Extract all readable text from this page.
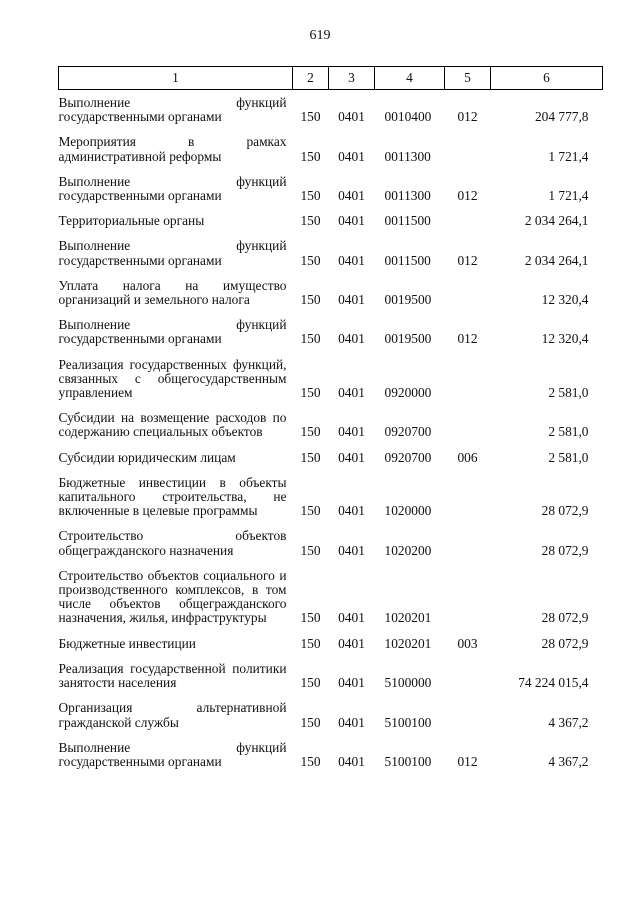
619
1	2	3	4	5	6
Выполнение функций государственными органами	150	0401	0010400	012	204 777,8
Мероприятия в рамках административной реформы	150	0401	0011300		1 721,4
Выполнение функций государственными органами	150	0401	0011300	012	1 721,4
Территориальные органы	150	0401	0011500		2 034 264,1
Выполнение функций государственными органами	150	0401	0011500	012	2 034 264,1
Уплата налога на имущество организаций и земельного налога	150	0401	0019500		12 320,4
Выполнение функций государственными органами	150	0401	0019500	012	12 320,4
Реализация государственных функций, связанных с общегосударственным управлением	150	0401	0920000		2 581,0
Субсидии на возмещение расходов по содержанию специальных объектов	150	0401	0920700		2 581,0
Субсидии юридическим лицам	150	0401	0920700	006	2 581,0
Бюджетные инвестиции в объекты капитального строительства, не включенные в целевые программы	150	0401	1020000		28 072,9
Строительство объектов общегражданского назначения	150	0401	1020200		28 072,9
Строительство объектов социального и производственного комплексов, в том числе объектов общегражданского назначения, жилья, инфраструктуры	150	0401	1020201		28 072,9
Бюджетные инвестиции	150	0401	1020201	003	28 072,9
Реализация государственной политики занятости населения	150	0401	5100000		74 224 015,4
Организация альтернативной гражданской службы	150	0401	5100100		4 367,2
Выполнение функций государственными органами	150	0401	5100100	012	4 367,2
